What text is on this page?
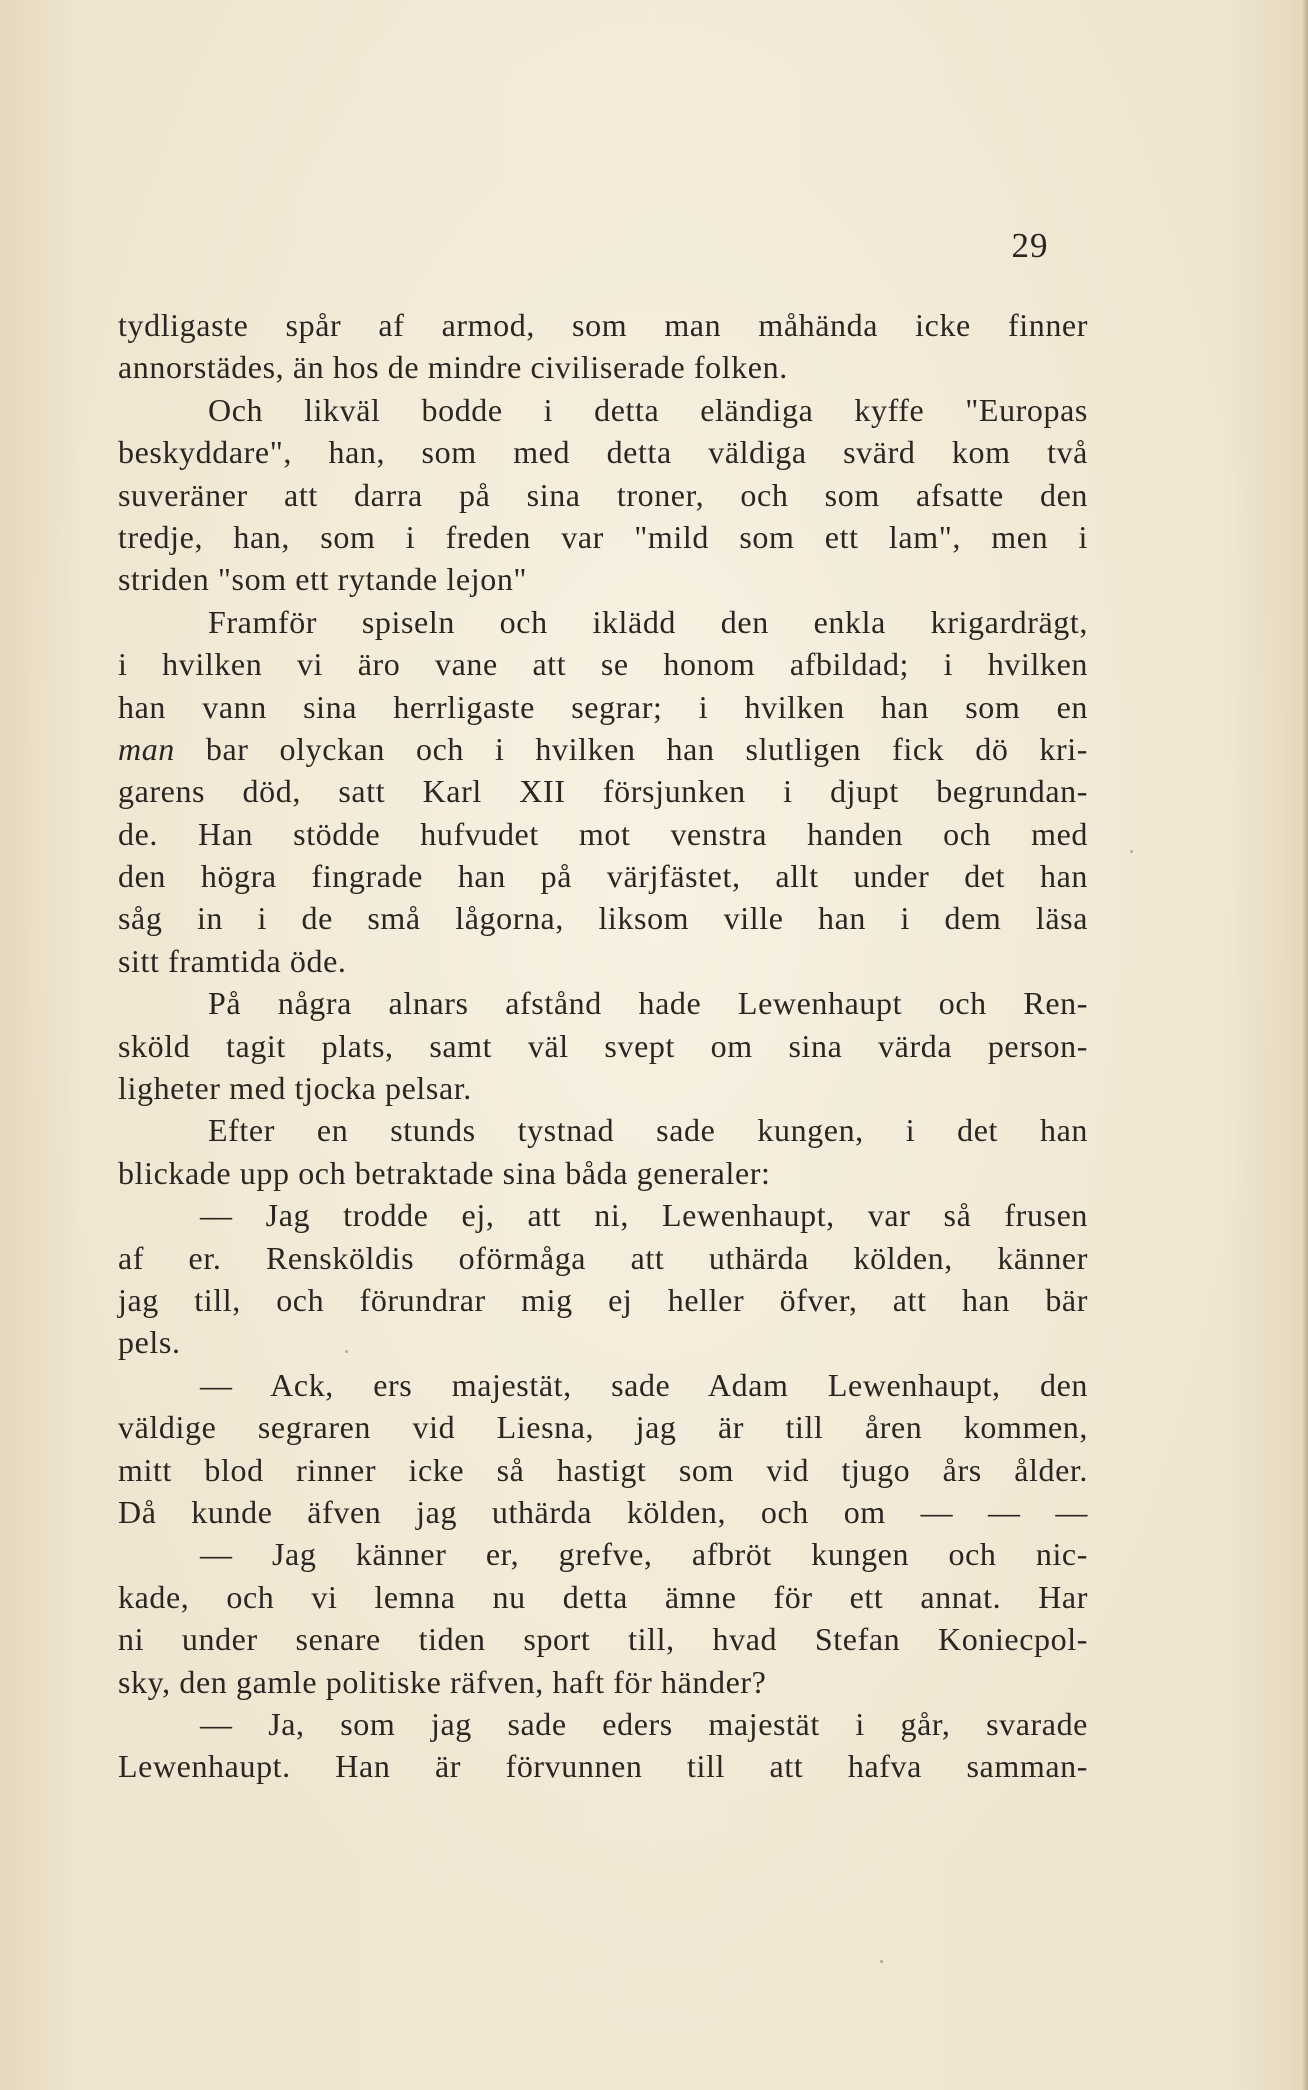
29
tydligaste spår af armod, som man måhända icke finner
annorstädes, än hos de mindre civiliserade folken.
Och likväl bodde i detta eländiga kyffe "Europas
beskyddare", han, som med detta väldiga svärd kom två
suveräner att darra på sina troner, och som afsatte den
tredje, han, som i freden var "mild som ett lam", men i
striden "som ett rytande lejon"
Framför spiseln och iklädd den enkla krigardrägt,
i hvilken vi äro vane att se honom afbildad; i hvilken
han vann sina herrligaste segrar; i hvilken han som en
man bar olyckan och i hvilken han slutligen fick dö kri-
garens död, satt Karl XII försjunken i djupt begrundan-
de. Han stödde hufvudet mot venstra handen och med
den högra fingrade han på värjfästet, allt under det han
såg in i de små lågorna, liksom ville han i dem läsa
sitt framtida öde.
På några alnars afstånd hade Lewenhaupt och Ren-
sköld tagit plats, samt väl svept om sina värda person-
ligheter med tjocka pelsar.
Efter en stunds tystnad sade kungen, i det han
blickade upp och betraktade sina båda generaler:
— Jag trodde ej, att ni, Lewenhaupt, var så frusen
af er. Rensköldis oförmåga att uthärda kölden, känner
jag till, och förundrar mig ej heller öfver, att han bär
pels.
— Ack, ers majestät, sade Adam Lewenhaupt, den
väldige segraren vid Liesna, jag är till åren kommen,
mitt blod rinner icke så hastigt som vid tjugo års ålder.
Då kunde äfven jag uthärda kölden, och om — — —
— Jag känner er, grefve, afbröt kungen och nic-
kade, och vi lemna nu detta ämne för ett annat. Har
ni under senare tiden sport till, hvad Stefan Koniecpol-
sky, den gamle politiske räfven, haft för händer?
— Ja, som jag sade eders majestät i går, svarade
Lewenhaupt. Han är förvunnen till att hafva samman-
